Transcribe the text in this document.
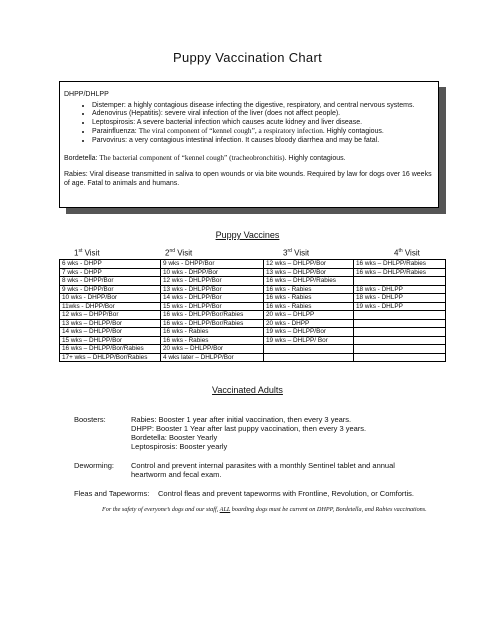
Puppy Vaccination Chart
DHPP/DHLPP
• Distemper: a highly contagious disease infecting the digestive, respiratory, and central nervous systems.
• Adenovirus (Hepatitis): severe viral infection of the liver (does not affect people).
• Leptospirosis: A severe bacterial infection which causes acute kidney and liver disease.
• Parainfluenza: The viral component of “kennel cough”, a respiratory infection. Highly contagious.
• Parvovirus: a very contagious intestinal infection. It causes bloody diarrhea and may be fatal.
Bordetella: The bacterial component of “kennel cough” (tracheobronchitis). Highly contagious.
Rabies: Viral disease transmitted in saliva to open wounds or via bite wounds. Required by law for dogs over 16 weeks of age. Fatal to animals and humans.
Puppy Vaccines
1st Visit	2nd Visit	3rd Visit	4th Visit
6 wks - DHPP	9 wks - DHPP/Bor	12 wks – DHLPP/Bor	16 wks – DHLPP/Rabies
7 wks - DHPP	10 wks - DHPP/Bor	13 wks – DHLPP/Bor	16 wks – DHLPP/Rabies
8 wks - DHPP/Bor	12 wks - DHLPP/Bor	16 wks – DHLPP/Rabies	
9 wks - DHPP/Bor	13 wks - DHLPP/Bor	16 wks - Rabies	18 wks - DHLPP
10 wks - DHPP/Bor	14 wks - DHLPP/Bor	16 wks - Rabies	18 wks - DHLPP
11wks - DHPP/Bor	15 wks - DHLPP/Bor	16 wks - Rabies	19 wks - DHLPP
12 wks – DHPP/Bor	16 wks - DHLPP/Bor/Rabies	20 wks – DHLPP	
13 wks – DHLPP/Bor	16 wks - DHLPP/Bor/Rabies	20 wks - DHPP	
14 wks – DHLPP/Bor	16 wks - Rabies	19 wks – DHLPP/Bor	
15 wks – DHLPP/Bor	16 wks - Rabies	19 wks – DHLPP/ Bor	
16 wks – DHLPP/Bor/Rabies	20 wks – DHLPP/Bor		
17+ wks – DHLPP/Bor/Rabies	4 wks later – DHLPP/Bor		
Vaccinated Adults
Boosters:	Rabies: Booster 1 year after initial vaccination, then every 3 years.
DHPP: Booster 1 Year after last puppy vaccination, then every 3 years.
Bordetella: Booster Yearly
Leptospirosis: Booster yearly
Deworming: Control and prevent internal parasites with a monthly Sentinel tablet and annual heartworm and fecal exam.
Fleas and Tapeworms: Control fleas and prevent tapeworms with Frontline, Revolution, or Comfortis.
For the safety of everyone’s dogs and our staff, ALL boarding dogs must be current on DHPP, Bordetella, and Rabies vaccinations.
